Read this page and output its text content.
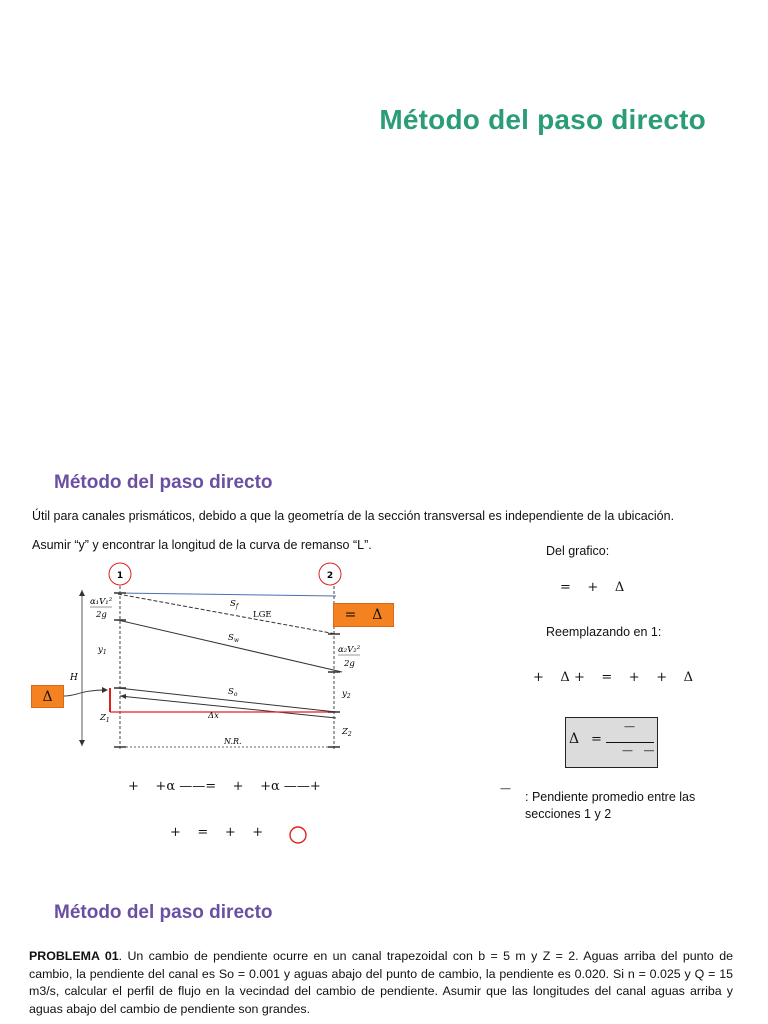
Método del paso directo
Método del paso directo
Útil para canales prismáticos, debido a que la geometría de la sección transversal es independiente de la ubicación.
Asumir “y” y encontrar la longitud de la curva de remanso “L”.
1	2
H
α₁V₁²
2g
α₂V₂²
2g
$S_f$
LGE
$S_w$
$S_o$
$y_1$
$y_2$
$Z_1$
$Z_2$
Δx
N.R.
Δ
= Δ
+    +α ——=    +    +α ——+
+    =    +    +
Del grafico:
=    +    Δ
Reemplazando en 1:
+    Δ +    =    +    +    Δ
Δ =
—
—   —
—
: Pendiente promedio entre las secciones 1 y 2
Método del paso directo
PROBLEMA 01. Un cambio de pendiente ocurre en un canal trapezoidal con b = 5 m y Z = 2. Aguas arriba del punto de cambio, la pendiente del canal es So = 0.001 y aguas abajo del punto de cambio, la pendiente es 0.020. Si n = 0.025 y Q = 15 m3/s, calcular el perfil de flujo en la vecindad del cambio de pendiente. Asumir que las longitudes del canal aguas arriba y aguas abajo del cambio de pendiente son grandes.
